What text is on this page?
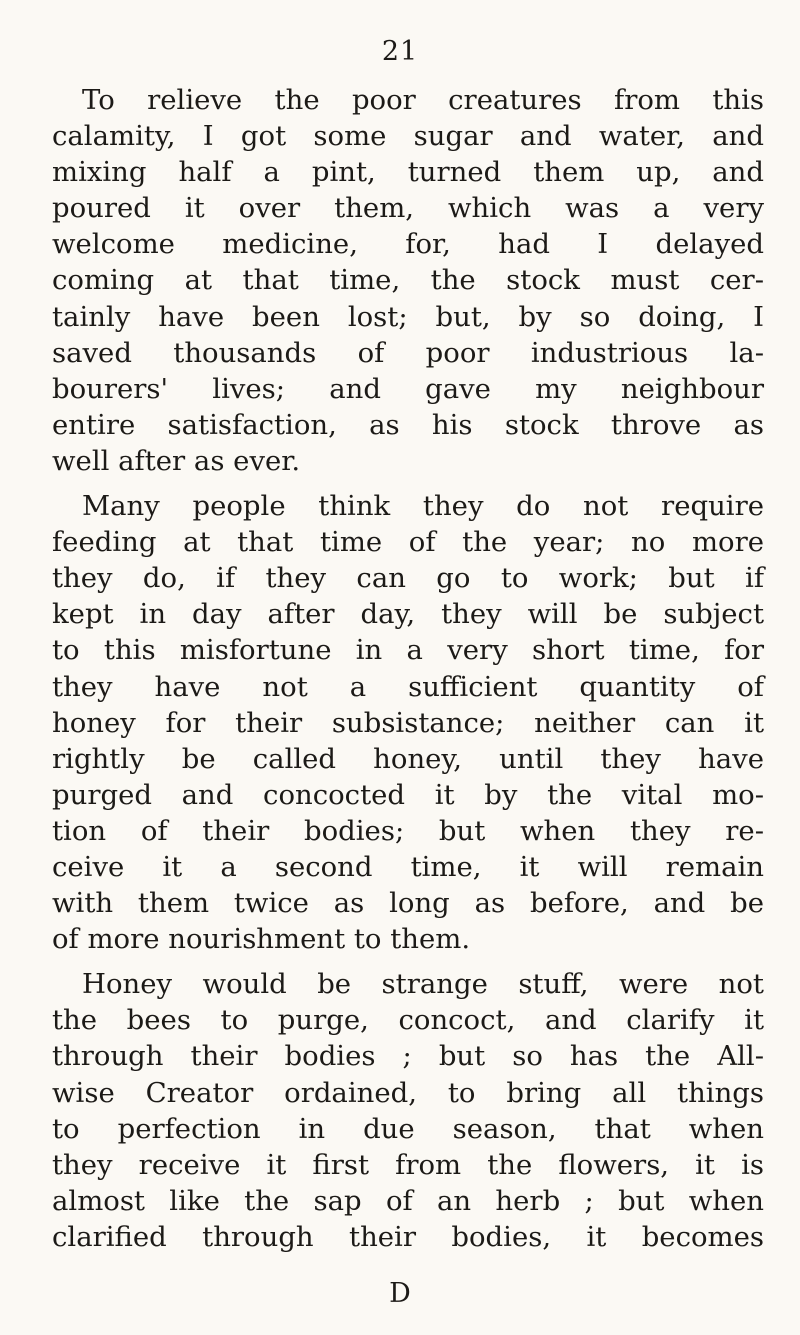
21

To relieve the poor creatures from this
calamity, I got some sugar and water, and
mixing half a pint, turned them up, and
poured it over them, which was a very
welcome medicine, for, had I delayed
coming at that time, the stock must cer-
tainly have been lost; but, by so doing, I
saved thousands of poor industrious la-
bourers' lives; and gave my neighbour
entire satisfaction, as his stock throve as
well after as ever.

Many people think they do not require
feeding at that time of the year; no more
they do, if they can go to work; but if
kept in day after day, they will be subject
to this misfortune in a very short time, for
they have not a sufficient quantity of
honey for their subsistance; neither can it
rightly be called honey, until they have
purged and concocted it by the vital mo-
tion of their bodies; but when they re-
ceive it a second time, it will remain
with them twice as long as before, and be
of more nourishment to them.

Honey would be strange stuff, were not
the bees to purge, concoct, and clarify it
through their bodies ; but so has the All-
wise Creator ordained, to bring all things
to perfection in due season, that when
they receive it first from the flowers, it is
almost like the sap of an herb ; but when
clarified through their bodies, it becomes

D
